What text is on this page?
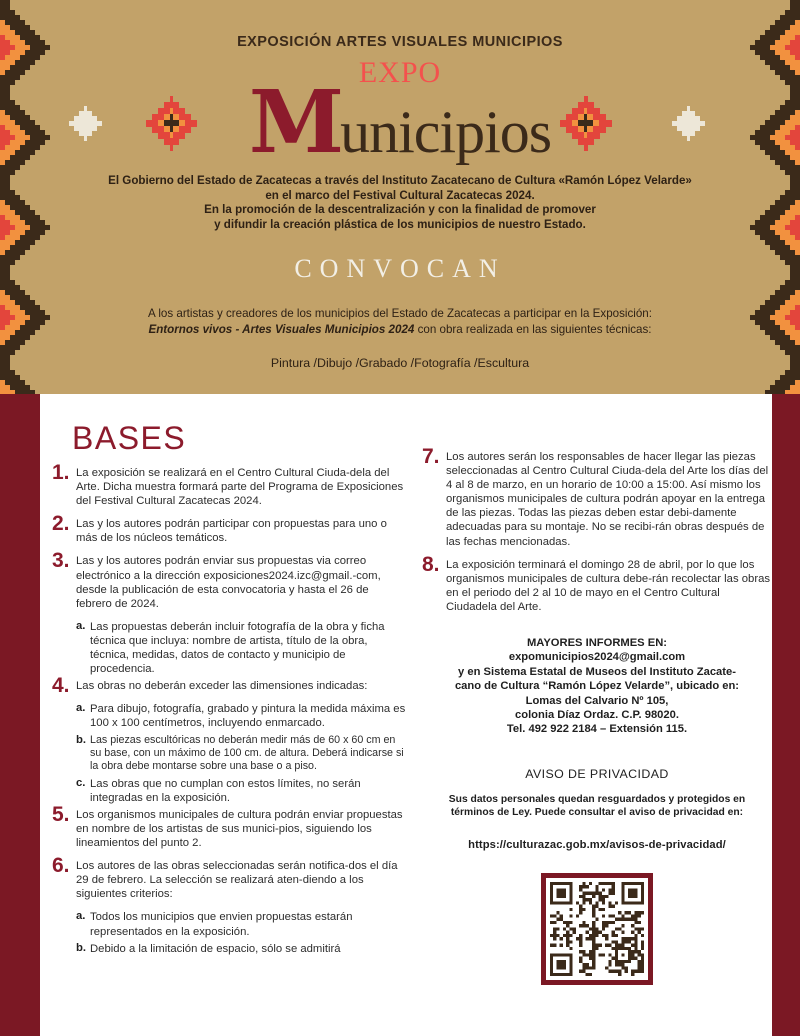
EXPOSICIÓN ARTES VISUALES MUNICIPIOS
EXPO
Municipios
El Gobierno del Estado de Zacatecas a través del Instituto Zacatecano de Cultura «Ramón López Velarde»
en el marco del Festival Cultural Zacatecas 2024.
En la promoción de la descentralización y con la finalidad de promover
y difundir la creación plástica de los municipios de nuestro Estado.
CONVOCAN
A los artistas y creadores de los municipios del Estado de Zacatecas a participar en la Exposición:
Entornos vivos - Artes Visuales Municipios 2024 con obra realizada en las siguientes técnicas:
Pintura /Dibujo /Grabado /Fotografía /Escultura
BASES
1. La exposición se realizará en el Centro Cultural Ciuda-dela del Arte. Dicha muestra formará parte del Programa de Exposiciones del Festival Cultural Zacatecas 2024.

2. Las y los autores podrán participar con propuestas para uno o más de los núcleos temáticos.

3. Las y los autores podrán enviar sus propuestas via correo electrónico a la dirección exposiciones2024.izc@gmail.-com, desde la publicación de esta convocatoria y hasta el 26 de febrero de 2024.

a. Las propuestas deberán incluir fotografía de la obra y ficha técnica que incluya: nombre de artista, título de la obra, técnica, medidas, datos de contacto y municipio de procedencia.

4. Las obras no deberán exceder las dimensiones indicadas:

a. Para dibujo, fotografía, grabado y pintura la medida máxima es 100 x 100 centímetros, incluyendo enmarcado.

b. Las piezas escultóricas no deberán medir más de 60 x 60 cm en su base, con un máximo de 100 cm. de altura. Deberá indicarse si la obra debe montarse sobre una base o a piso.

c. Las obras que no cumplan con estos límites, no serán integradas en la exposición.

5. Los organismos municipales de cultura podrán enviar propuestas en nombre de los artistas de sus munici-pios, siguiendo los lineamientos del punto 2.

6. Los autores de las obras seleccionadas serán notifica-dos el día 29 de febrero. La selección se realizará aten-diendo a los siguientes criterios:

a. Todos los municipios que envien propuestas estarán representados en la exposición.

b. Debido a la limitación de espacio, sólo se admitirá

7. Los autores serán los responsables de hacer llegar las piezas seleccionadas al Centro Cultural Ciuda-dela del Arte los días del 4 al 8 de marzo, en un horario de 10:00 a 15:00. Así mismo los organismos municipales de cultura podrán apoyar en la entrega de las piezas. Todas las piezas deben estar debi-damente adecuadas para su montaje. No se recibi-rán obras después de las fechas mencionadas.

8. La exposición terminará el domingo 28 de abril, por lo que los organismos municipales de cultura debe-rán recolectar las obras en el periodo del 2 al 10 de mayo en el Centro Cultural Ciudadela del Arte.

MAYORES INFORMES EN:
expomunicipios2024@gmail.com
y en Sistema Estatal de Museos del Instituto Zacate-
cano de Cultura “Ramón López Velarde”, ubicado en:
Lomas del Calvario Nº 105,
colonia Díaz Ordaz. C.P. 98020.
Tel. 492 922 2184 – Extensión 115.
AVISO DE PRIVACIDAD
Sus datos personales quedan resguardados y protegidos en
términos de Ley. Puede consultar el aviso de privacidad en:
https://culturazac.gob.mx/avisos-de-privacidad/
